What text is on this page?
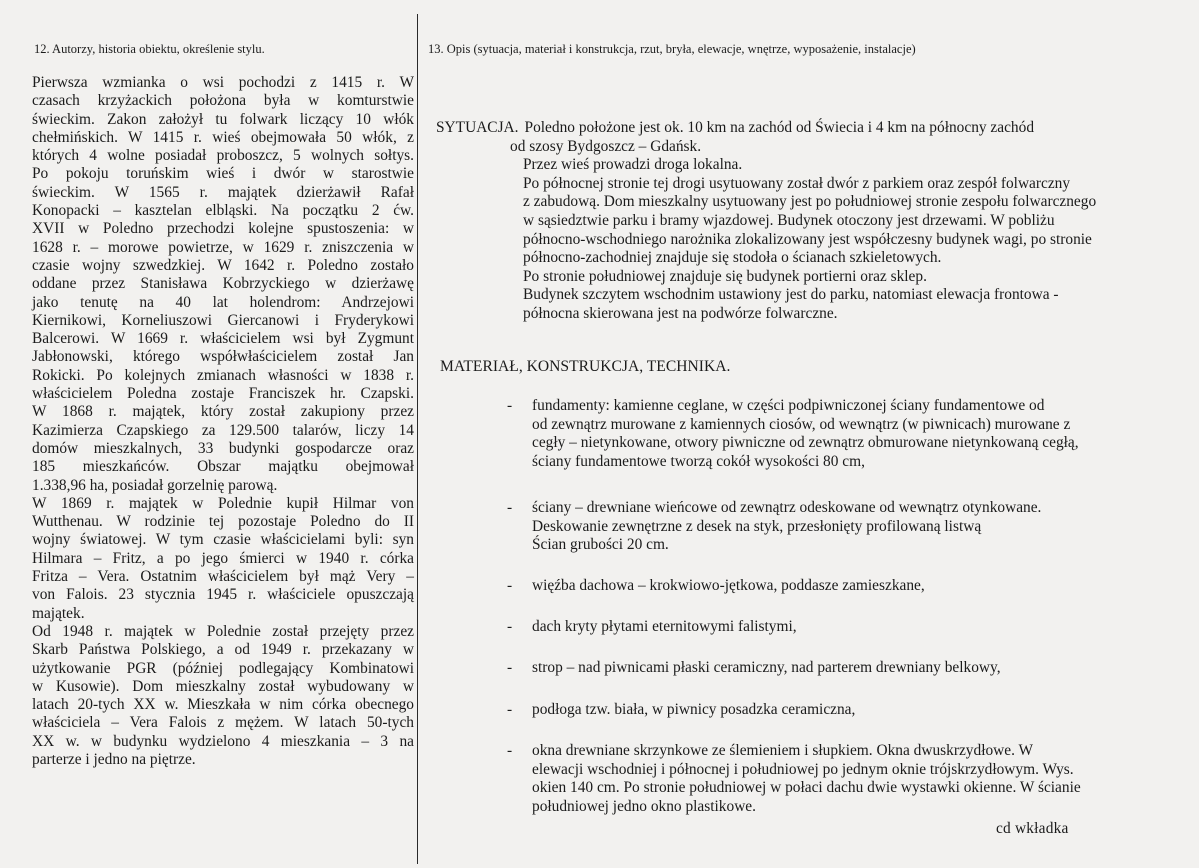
12. Autorzy, historia obiektu, określenie stylu.

Pierwsza wzmianka o wsi pochodzi z 1415 r. W
czasach krzyżackich położona była w komturstwie
świeckim. Zakon założył tu folwark liczący 10 włók
chełmińskich. W 1415 r. wieś obejmowała 50 włók, z
których 4 wolne posiadał proboszcz, 5 wolnych sołtys.
Po pokoju toruńskim wieś i dwór w starostwie
świeckim. W 1565 r. majątek dzierżawił Rafał
Konopacki – kasztelan elbląski. Na początku 2 ćw.
XVII w Poledno przechodzi kolejne spustoszenia: w
1628 r. – morowe powietrze, w 1629 r. zniszczenia w
czasie wojny szwedzkiej. W 1642 r. Poledno zostało
oddane przez Stanisława Kobrzyckiego w dzierżawę
jako tenutę na 40 lat holendrom: Andrzejowi
Kiernikowi, Korneliuszowi Giercanowi i Fryderykowi
Balcerowi. W 1669 r. właścicielem wsi był Zygmunt
Jabłonowski, którego współwłaścicielem został Jan
Rokicki. Po kolejnych zmianach własności w 1838 r.
właścicielem Poledna zostaje Franciszek hr. Czapski.
W 1868 r. majątek, który został zakupiony przez
Kazimierza Czapskiego za 129.500 talarów, liczy 14
domów mieszkalnych, 33 budynki gospodarcze oraz
185 mieszkańców. Obszar majątku obejmował
1.338,96 ha, posiadał gorzelnię parową.

W 1869 r. majątek w Polednie kupił Hilmar von
Wutthenau. W rodzinie tej pozostaje Poledno do II
wojny światowej. W tym czasie właścicielami byli: syn
Hilmara – Fritz, a po jego śmierci w 1940 r. córka
Fritza – Vera. Ostatnim właścicielem był mąż Very –
von Falois. 23 stycznia 1945 r. właściciele opuszczają
majątek.

Od 1948 r. majątek w Polednie został przejęty przez
Skarb Państwa Polskiego, a od 1949 r. przekazany w
użytkowanie PGR (później podlegający Kombinatowi
w Kusowie). Dom mieszkalny został wybudowany w
latach 20-tych XX w. Mieszkała w nim córka obecnego
właściciela – Vera Falois z mężem. W latach 50-tych
XX w. w budynku wydzielono 4 mieszkania – 3 na
parterze i jedno na piętrze.

13. Opis (sytuacja, materiał i konstrukcja, rzut, bryła, elewacje, wnętrze, wyposażenie, instalacje)
SYTUACJA. Poledno położone jest ok. 10 km na zachód od Świecia i 4 km na północny zachód
od szosy Bydgoszcz – Gdańsk.
Przez wieś prowadzi droga lokalna.
Po północnej stronie tej drogi usytuowany został dwór z parkiem oraz zespół folwarczny
z zabudową. Dom mieszkalny usytuowany jest po południowej stronie zespołu folwarcznego
w sąsiedztwie parku i bramy wjazdowej. Budynek otoczony jest drzewami. W pobliżu
północno-wschodniego narożnika zlokalizowany jest współczesny budynek wagi, po stronie
północno-zachodniej znajduje się stodoła o ścianach szkieletowych.
Po stronie południowej znajduje się budynek portierni oraz sklep.
Budynek szczytem wschodnim ustawiony jest do parku, natomiast elewacja frontowa -
północna skierowana jest na podwórze folwarczne.
MATERIAŁ, KONSTRUKCJA, TECHNIKA.
-	fundamenty: kamienne ceglane, w części podpiwniczonej ściany fundamentowe od
od zewnątrz murowane z kamiennych ciosów, od wewnątrz (w piwnicach) murowane z
cegły – nietynkowane, otwory piwniczne od zewnątrz obmurowane nietynkowaną cegłą,
ściany fundamentowe tworzą cokół wysokości 80 cm,
-	ściany – drewniane wieńcowe od zewnątrz odeskowane od wewnątrz otynkowane.
Deskowanie zewnętrzne z desek na styk, przesłonięty profilowaną listwą
Ścian grubości 20 cm.
-	więźba dachowa – krokwiowo-jętkowa, poddasze zamieszkane,
-	dach kryty płytami eternitowymi falistymi,
-	strop – nad piwnicami płaski ceramiczny, nad parterem drewniany belkowy,
-	podłoga tzw. biała, w piwnicy posadzka ceramiczna,
-	okna drewniane skrzynkowe ze ślemieniem i słupkiem. Okna dwuskrzydłowe. W
elewacji wschodniej i północnej i południowej po jednym oknie trójskrzydłowym. Wys.
okien 140 cm. Po stronie południowej w połaci dachu dwie wystawki okienne. W ścianie
południowej jedno okno plastikowe.
cd wkładka
